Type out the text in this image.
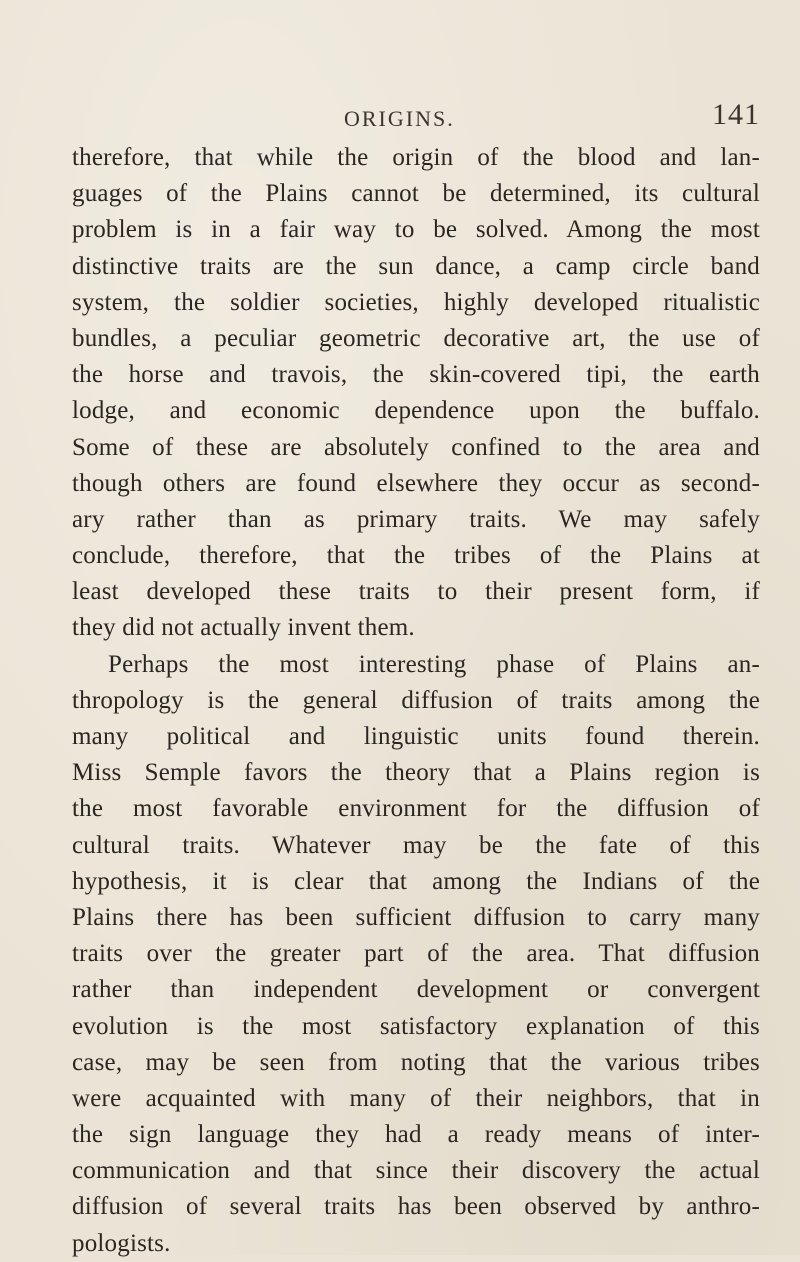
ORIGINS.	141
therefore, that while the origin of the blood and lan-
guages of the Plains cannot be determined, its cultural
problem is in a fair way to be solved. Among the most
distinctive traits are the sun dance, a camp circle band
system, the soldier societies, highly developed ritualistic
bundles, a peculiar geometric decorative art, the use of
the horse and travois, the skin-covered tipi, the earth
lodge, and economic dependence upon the buffalo.
Some of these are absolutely confined to the area and
though others are found elsewhere they occur as second-
ary rather than as primary traits. We may safely
conclude, therefore, that the tribes of the Plains at
least developed these traits to their present form, if
they did not actually invent them.
Perhaps the most interesting phase of Plains an-
thropology is the general diffusion of traits among the
many political and linguistic units found therein.
Miss Semple favors the theory that a Plains region is
the most favorable environment for the diffusion of
cultural traits. Whatever may be the fate of this
hypothesis, it is clear that among the Indians of the
Plains there has been sufficient diffusion to carry many
traits over the greater part of the area. That diffusion
rather than independent development or convergent
evolution is the most satisfactory explanation of this
case, may be seen from noting that the various tribes
were acquainted with many of their neighbors, that in
the sign language they had a ready means of inter-
communication and that since their discovery the actual
diffusion of several traits has been observed by anthro-
pologists.
